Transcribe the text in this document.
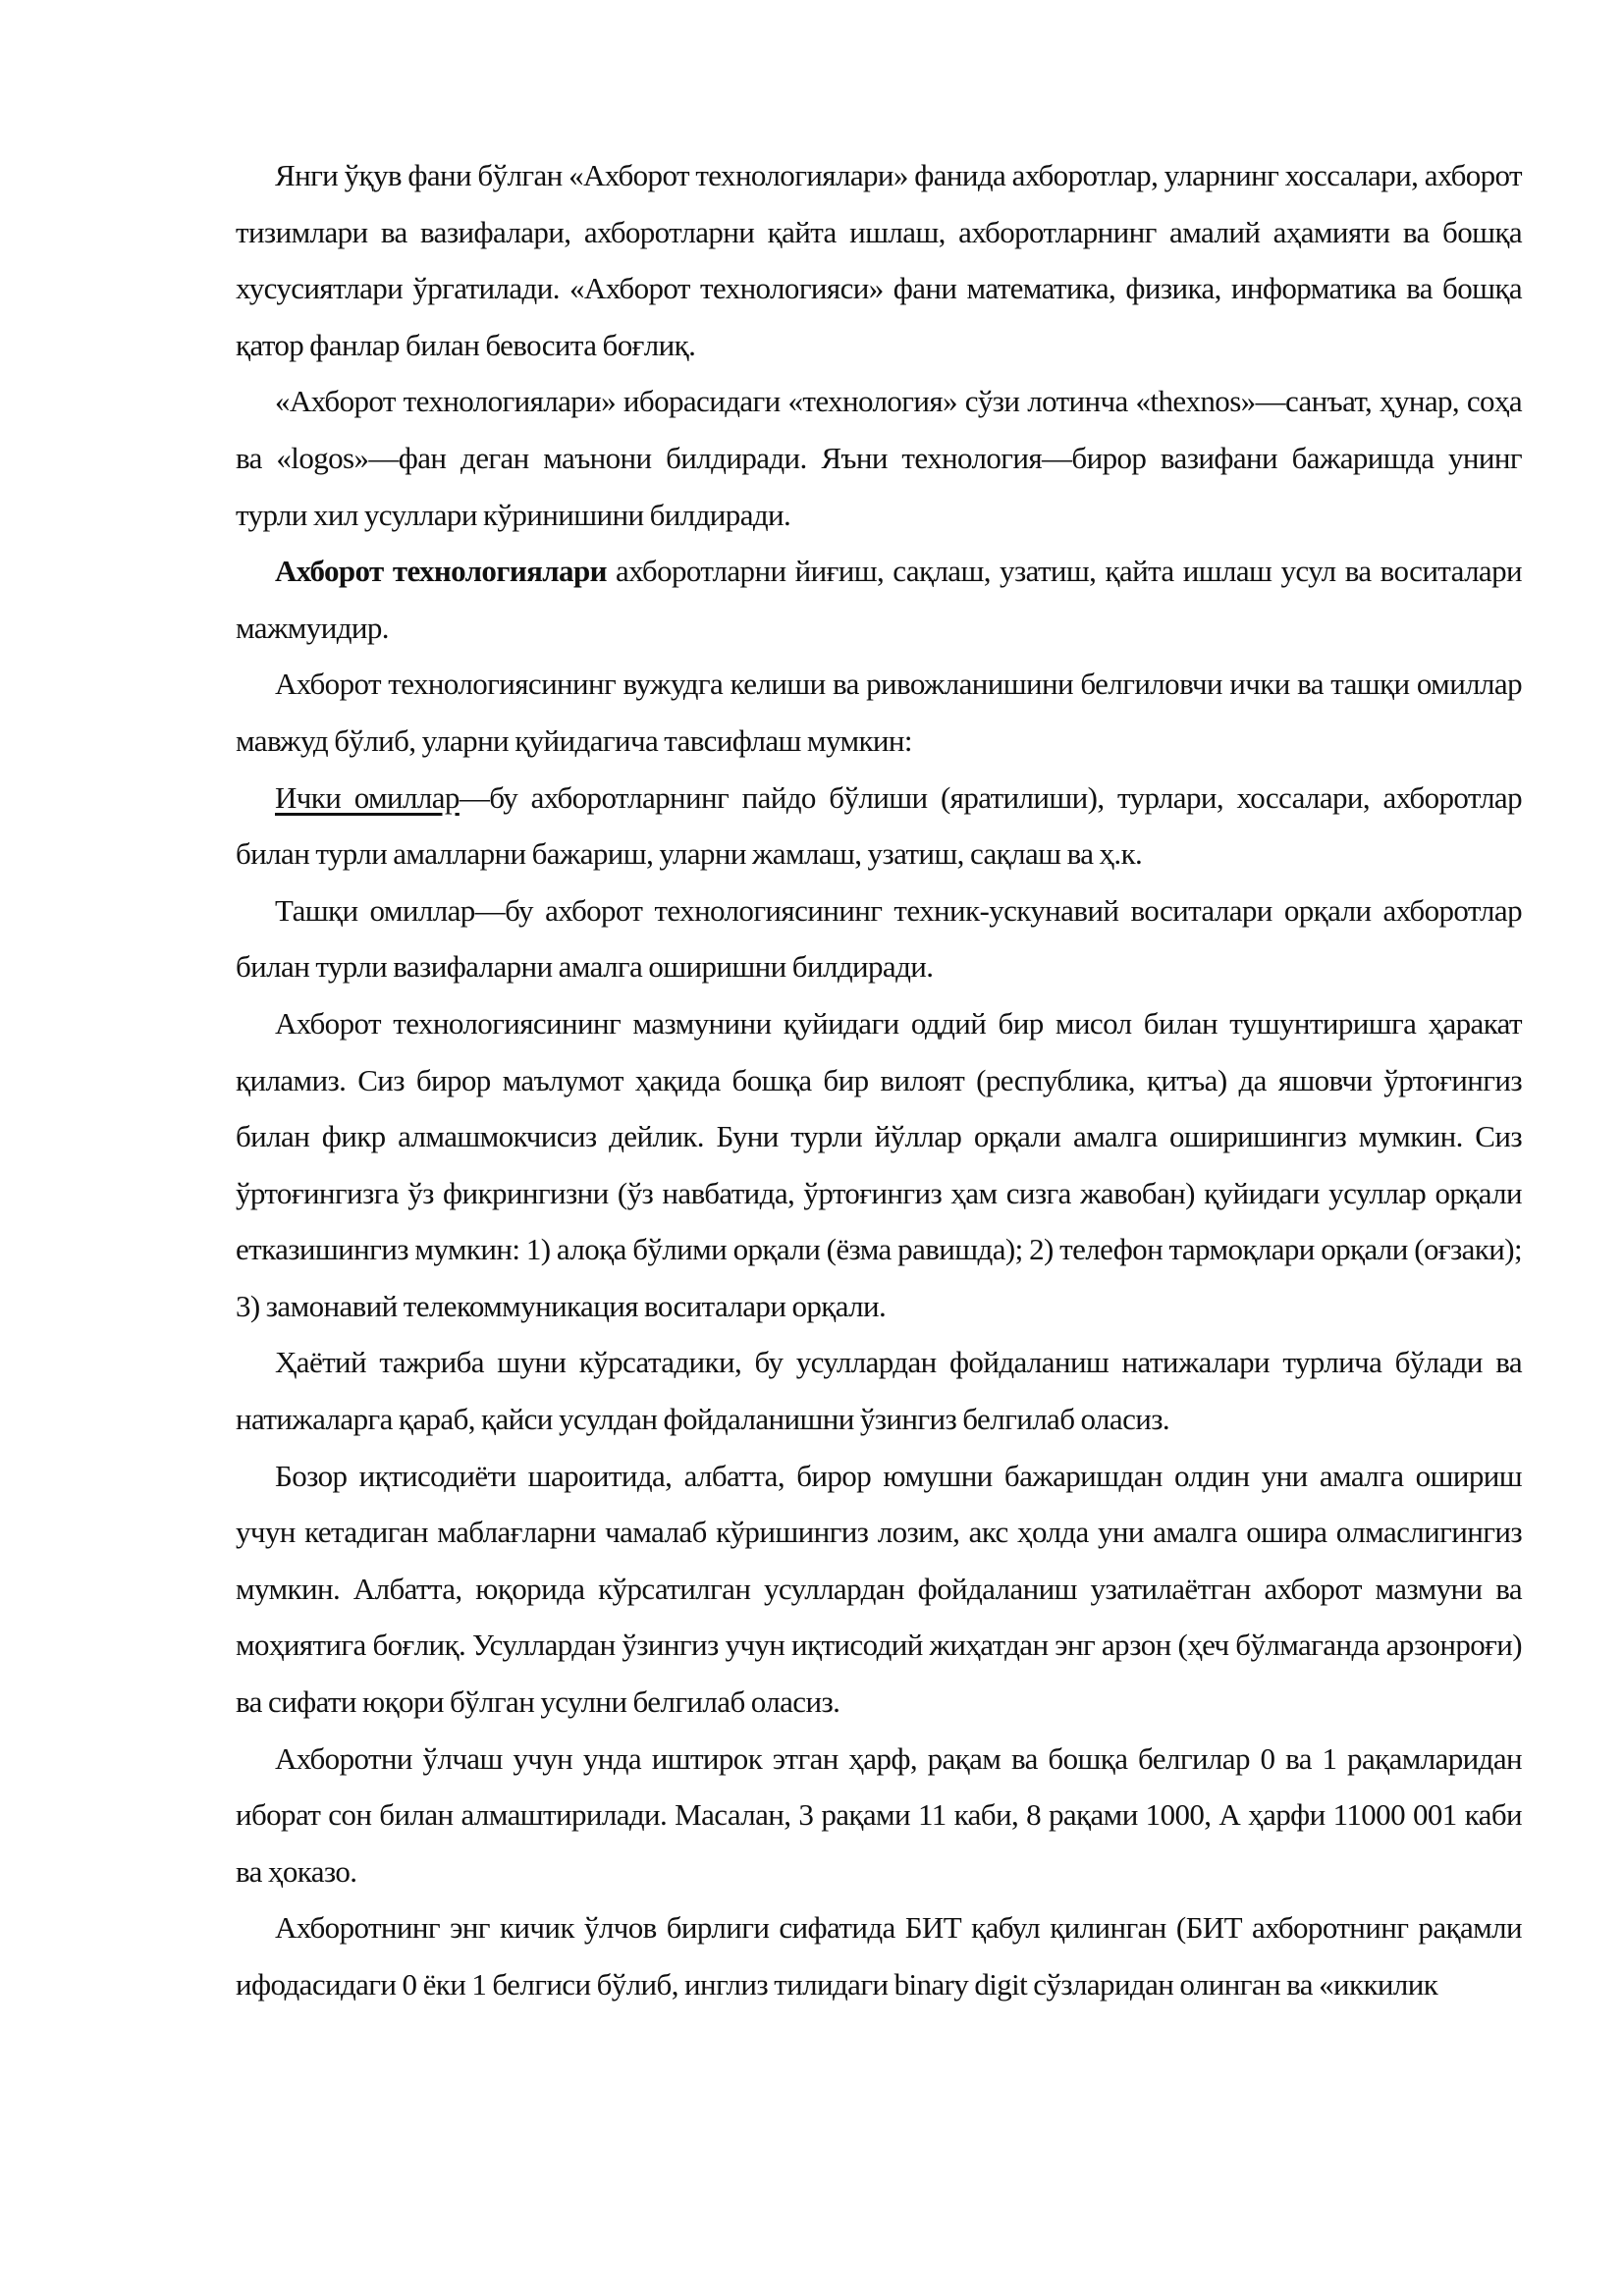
Янги ўқув фани бўлган «Ахборот технологиялари» фанида ахборотлар, уларнинг хоссалари, ахборот тизимлари ва вазифалари, ахборотларни қайта ишлаш, ахборотларнинг амалий аҳамияти ва бошқа хусусиятлари ўргатилади. «Ахборот технологияси» фани математика, физика, информатика ва бошқа қатор фанлар билан бевосита боғлиқ.

«Ахборот технологиялари» иборасидаги «технология» сўзи лотинча «thexnos»—санъат, ҳунар, соҳа ва «logos»—фан деган маънони билдиради. Яъни технология—бирор вазифани бажаришда унинг турли хил усуллари кўринишини билдиради.

Ахборот технологиялари ахборотларни йиғиш, сақлаш, узатиш, қайта ишлаш усул ва воситалари мажмуидир.

Ахборот технологиясининг вужудга келиши ва ривожланишини белгиловчи ички ва ташқи омиллар мавжуд бўлиб, уларни қуйидагича тавсифлаш мумкин:

Ички омиллар—бу ахборотларнинг пайдо бўлиши (яратилиши), турлари, хоссалари, ахборотлар билан турли амалларни бажариш, уларни жамлаш, узатиш, сақлаш ва ҳ.к.

Ташқи омиллар—бу ахборот технологиясининг техник-ускунавий воситалари орқали ахборотлар билан турли вазифаларни амалга оширишни билдиради.

Ахборот технологиясининг мазмунини қуйидаги оддий бир мисол билан тушунтиришга ҳаракат қиламиз. Сиз бирор маълумот ҳақида бошқа бир вилоят (республика, қитъа) да яшовчи ўртоғингиз билан фикр алмашмокчисиз дейлик. Буни турли йўллар орқали амалга оширишингиз мумкин. Сиз ўртоғингизга ўз фикрингизни (ўз навбатида, ўртоғингиз ҳам сизга жавобан) қуйидаги усуллар орқали етказишингиз мумкин: 1) алоқа бўлими орқали (ёзма равишда); 2) телефон тармоқлари орқали (оғзаки); 3) замонавий телекоммуникация воситалари орқали.

Ҳаётий тажриба шуни кўрсатадики, бу усуллардан фойдаланиш натижалари турлича бўлади ва натижаларга қараб, қайси усулдан фойдаланишни ўзингиз белгилаб оласиз.

Бозор иқтисодиёти шароитида, албатта, бирор юмушни бажаришдан олдин уни амалга ошириш учун кетадиган маблағларни чамалаб кўришингиз лозим, акс ҳолда уни амалга ошира олмаслигингиз мумкин. Албатта, юқорида кўрсатилган усуллардан фойдаланиш узатилаётган ахборот мазмуни ва моҳиятига боғлиқ. Усуллардан ўзингиз учун иқтисодий жиҳатдан энг арзон (ҳеч бўлмаганда арзонроғи) ва сифати юқори бўлган усулни белгилаб оласиз.

Ахборотни ўлчаш учун унда иштирок этган ҳарф, рақам ва бошқа белгилар 0 ва 1 рақамларидан иборат сон билан алмаштирилади. Масалан, 3 рақами 11 каби, 8 рақами 1000, А ҳарфи 11000 001 каби ва ҳоказо.

Ахборотнинг энг кичик ўлчов бирлиги сифатида БИТ қабул қилинган (БИТ ахборотнинг рақамли ифодасидаги 0 ёки 1 белгиси бўлиб, инглиз тилидаги binary digit сўзларидан олинган ва «иккилик
